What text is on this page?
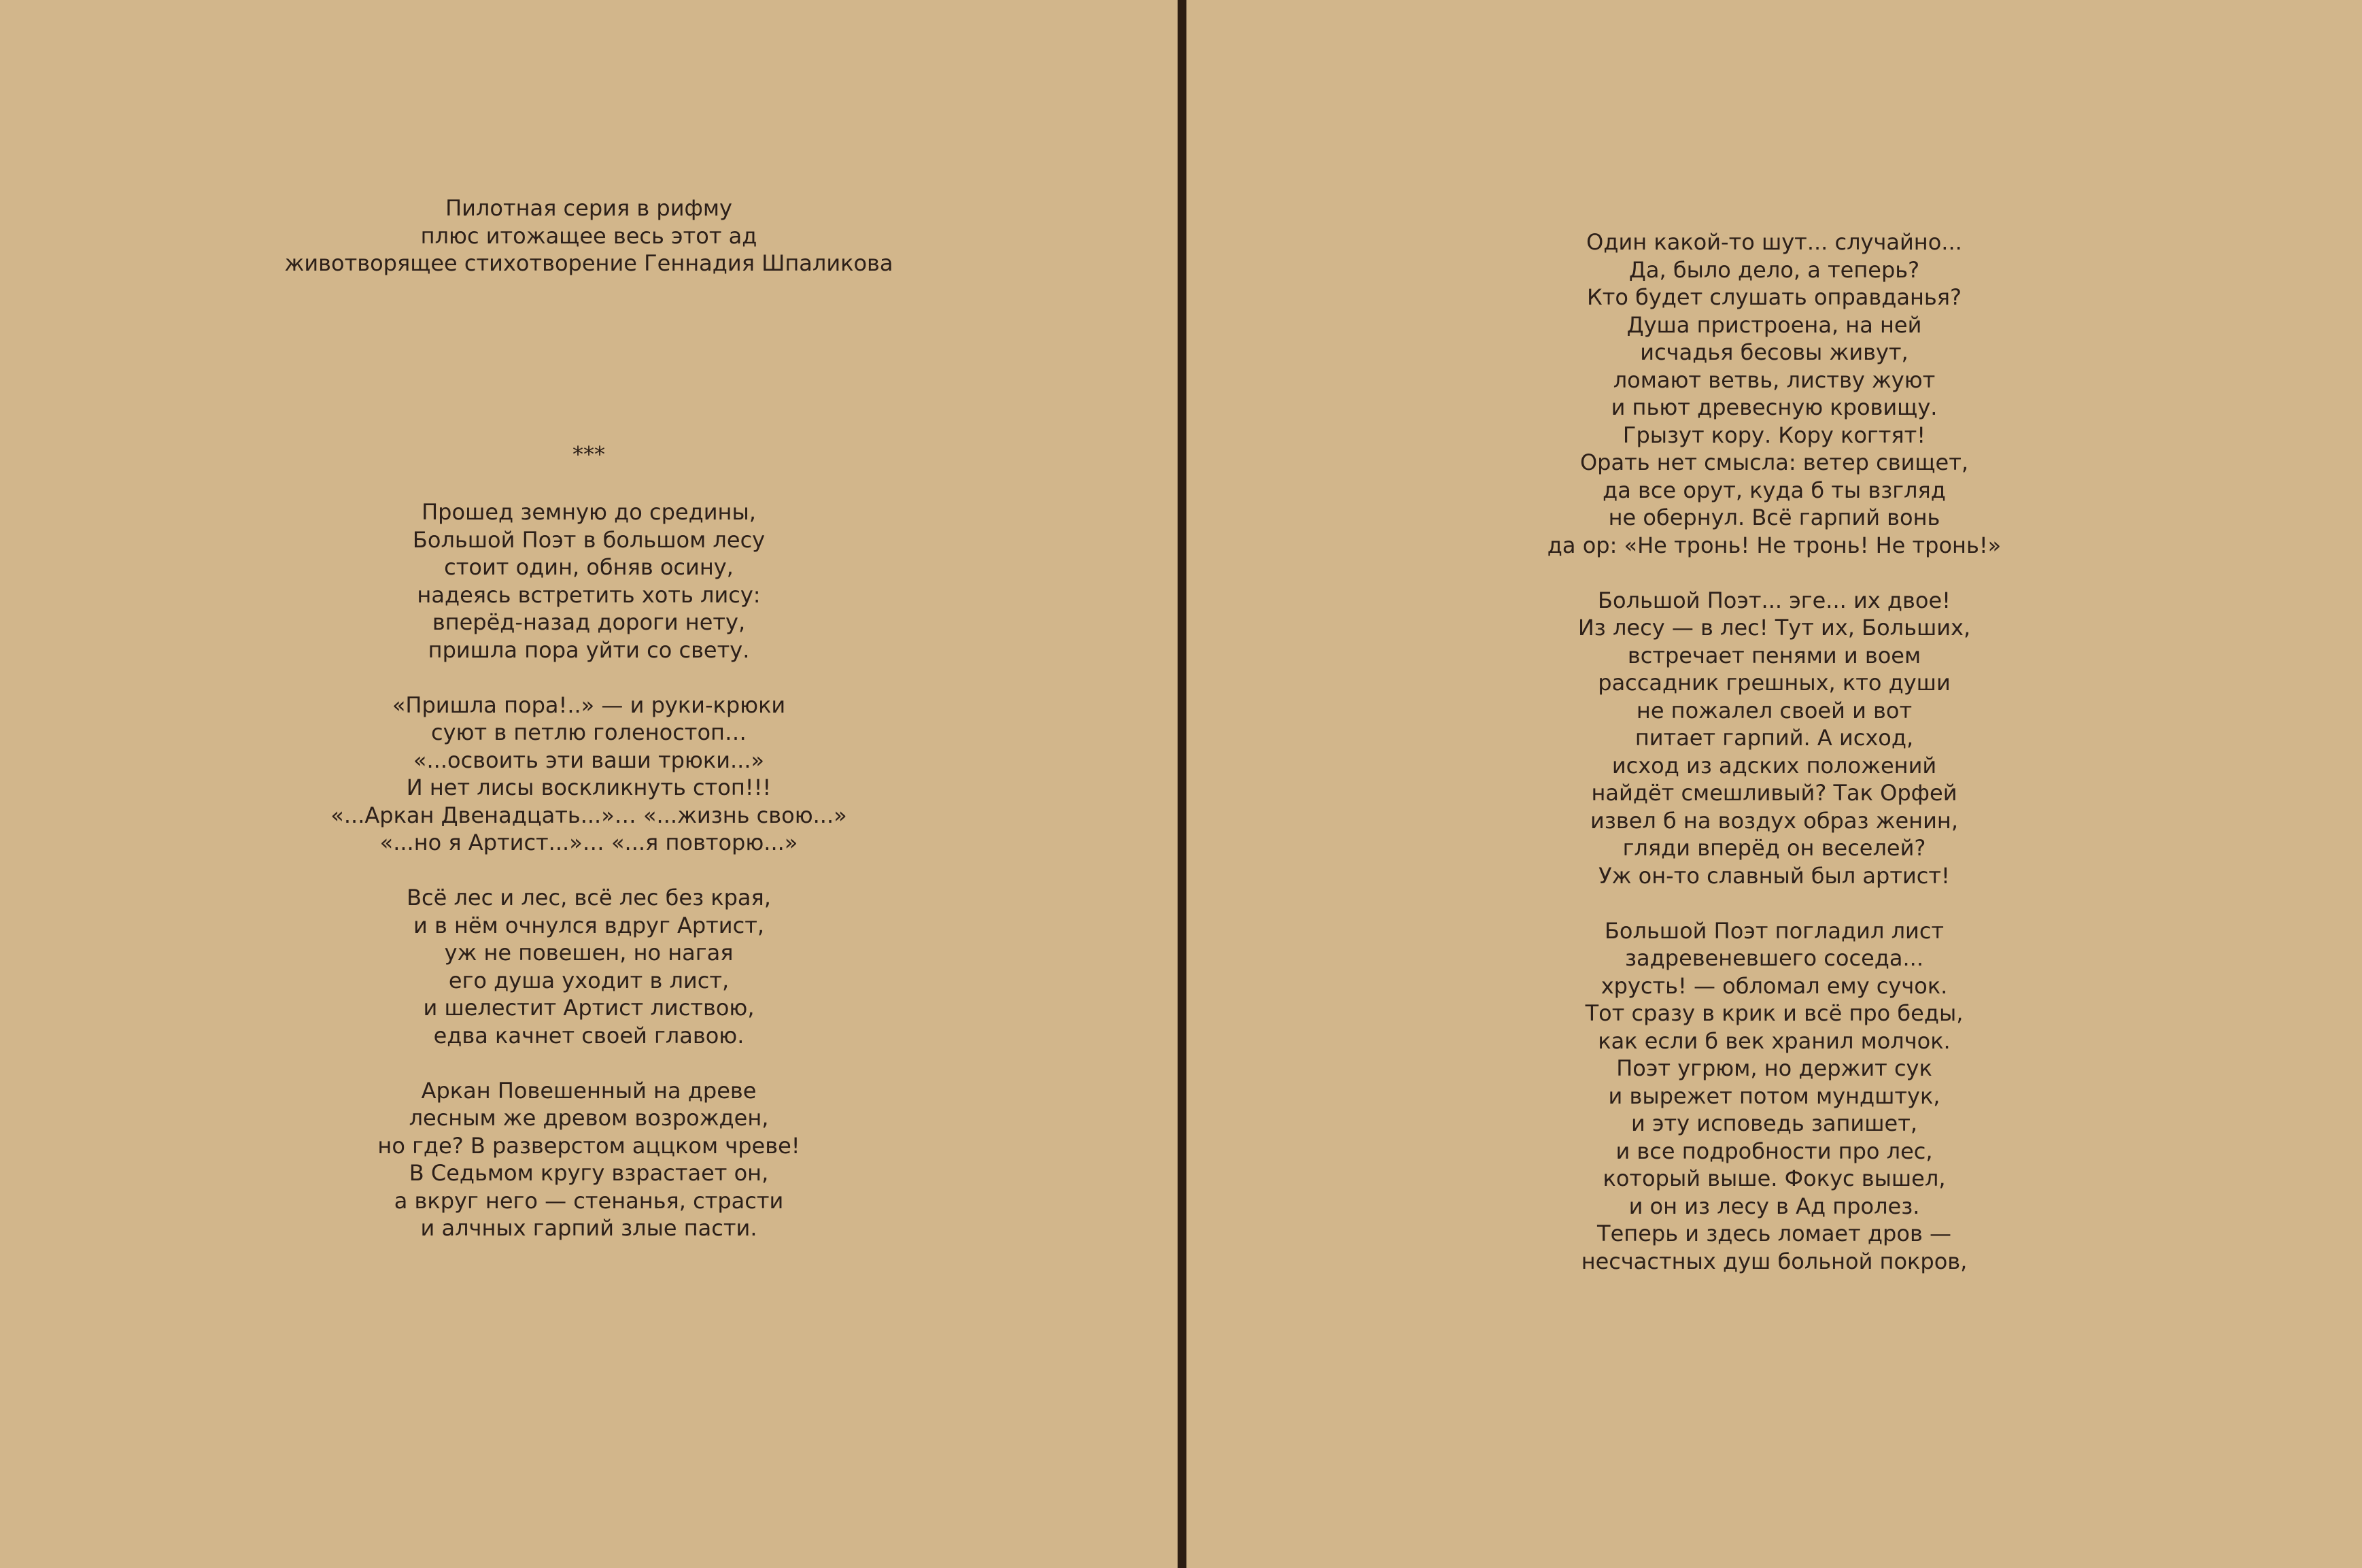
Пилотная серия в рифму
плюс итожащее весь этот ад
животворящее стихотворение Геннадия Шпаликова
***
Прошед земную до средины,
Большой Поэт в большом лесу
стоит один, обняв осину,
надеясь встретить хоть лису:
вперёд-назад дороги нету,
пришла пора уйти со свету.
«Пришла пора!..» — и руки-крюки
суют в петлю голеностоп…
«...освоить эти ваши трюки...»
И нет лисы воскликнуть стоп!!!
«...Аркан Двенадцать...»… «...жизнь свою...»
«...но я Артист...»… «...я повторю...»
Всё лес и лес, всё лес без края,
и в нём очнулся вдруг Артист,
уж не повешен, но нагая
его душа уходит в лист,
и шелестит Артист листвою,
едва качнет своей главою.
Аркан Повешенный на древе
лесным же древом возрожден,
но где? В разверстом аццком чреве!
В Седьмом кругу взрастает он,
а вкруг него — стенанья, страсти
и алчных гарпий злые пасти.
Один какой-то шут... случайно...
Да, было дело, а теперь?
Кто будет слушать оправданья?
Душа пристроена, на ней
исчадья бесовы живут,
ломают ветвь, листву жуют
и пьют древесную кровищу.
Грызут кору. Кору когтят!
Орать нет смысла: ветер свищет,
да все орут, куда б ты взгляд
не обернул. Всё гарпий вонь
да ор: «Не тронь! Не тронь! Не тронь!»
Большой Поэт... эге... их двое!
Из лесу — в лес! Тут их, Больших,
встречает пенями и воем
рассадник грешных, кто души
не пожалел своей и вот
питает гарпий. А исход,
исход из адских положений
найдёт смешливый? Так Орфей
извел б на воздух образ женин,
гляди вперёд он веселей?
Уж он-то славный был артист!
Большой Поэт погладил лист
задревеневшего соседа...
хрусть! — обломал ему сучок.
Тот сразу в крик и всё про беды,
как если б век хранил молчок.
Поэт угрюм, но держит сук
и вырежет потом мундштук,
и эту исповедь запишет,
и все подробности про лес,
который выше. Фокус вышел,
и он из лесу в Ад пролез.
Теперь и здесь ломает дров —
несчастных душ больной покров,
